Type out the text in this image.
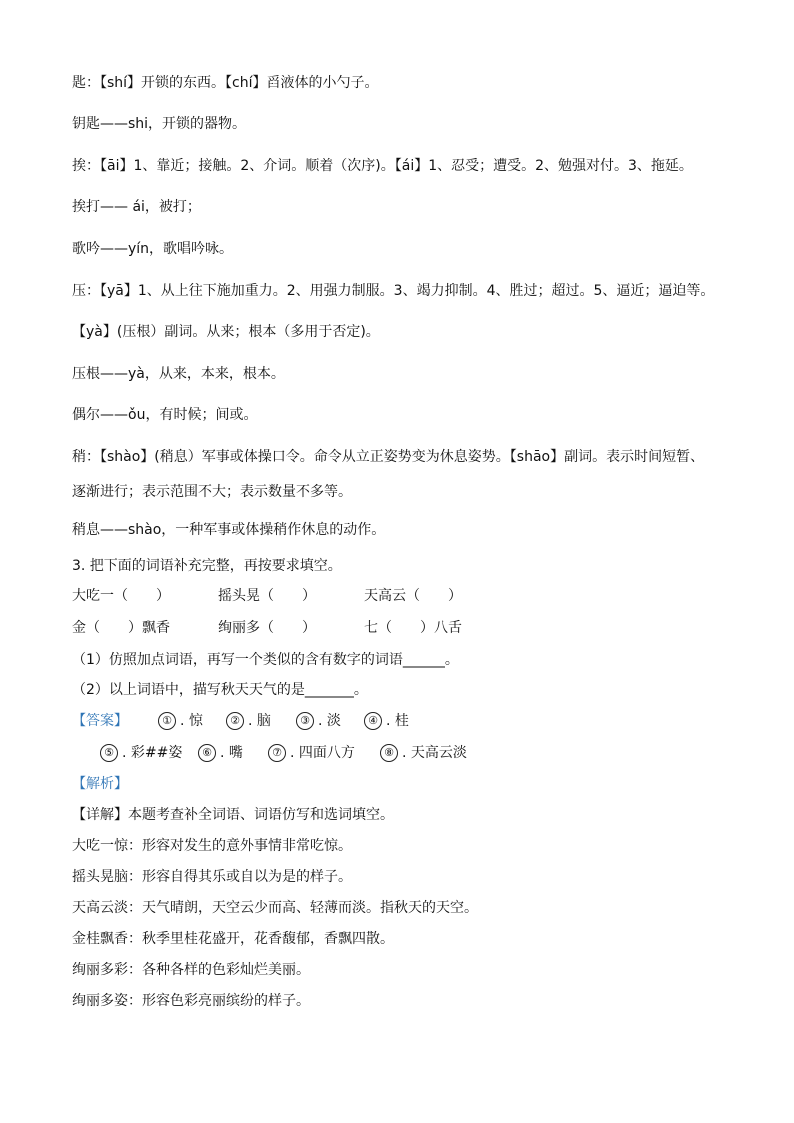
匙：【shí】开锁的东西。【chí】舀液体的小勺子。
钥匙——shi，开锁的器物。
挨：【āi】1、靠近；接触。2、介词。顺着（次序)。【ái】1、忍受；遭受。2、勉强对付。3、拖延。
挨打—— ái，被打；
歌吟——yín，歌唱吟咏。
压：【yā】1、从上往下施加重力。2、用强力制服。3、竭力抑制。4、胜过；超过。5、逼近；逼迫等。
【yà】(压根）副词。从来；根本（多用于否定)。
压根——yà，从来，本来，根本。
偶尔——ǒu，有时候；间或。
稍：【shào】(稍息）军事或体操口令。命令从立正姿势变为休息姿势。【shāo】副词。表示时间短暂、
逐渐进行；表示范围不大；表示数量不多等。
稍息——shào，一种军事或体操稍作休息的动作。
3. 把下面的词语补充完整，再按要求填空。
大吃一（　　）	摇头晃（　　）	天高云（　　）
金（　　）飘香	绚丽多（　　）	七（　　）八舌
（1）仿照加点词语，再写一个类似的含有数字的词语______。
（2）以上词语中，描写秋天天气的是_______。
【答案】	① . 惊	② . 脑	③ . 淡	④ . 桂
⑤ . 彩##姿	⑥ . 嘴	⑦ . 四面八方	⑧ . 天高云淡
【解析】
【详解】本题考查补全词语、词语仿写和选词填空。
大吃一惊：形容对发生的意外事情非常吃惊。
摇头晃脑：形容自得其乐或自以为是的样子。
天高云淡：天气晴朗，天空云少而高、轻薄而淡。指秋天的天空。
金桂飘香：秋季里桂花盛开，花香馥郁，香飘四散。
绚丽多彩：各种各样的色彩灿烂美丽。
绚丽多姿：形容色彩亮丽缤纷的样子。
